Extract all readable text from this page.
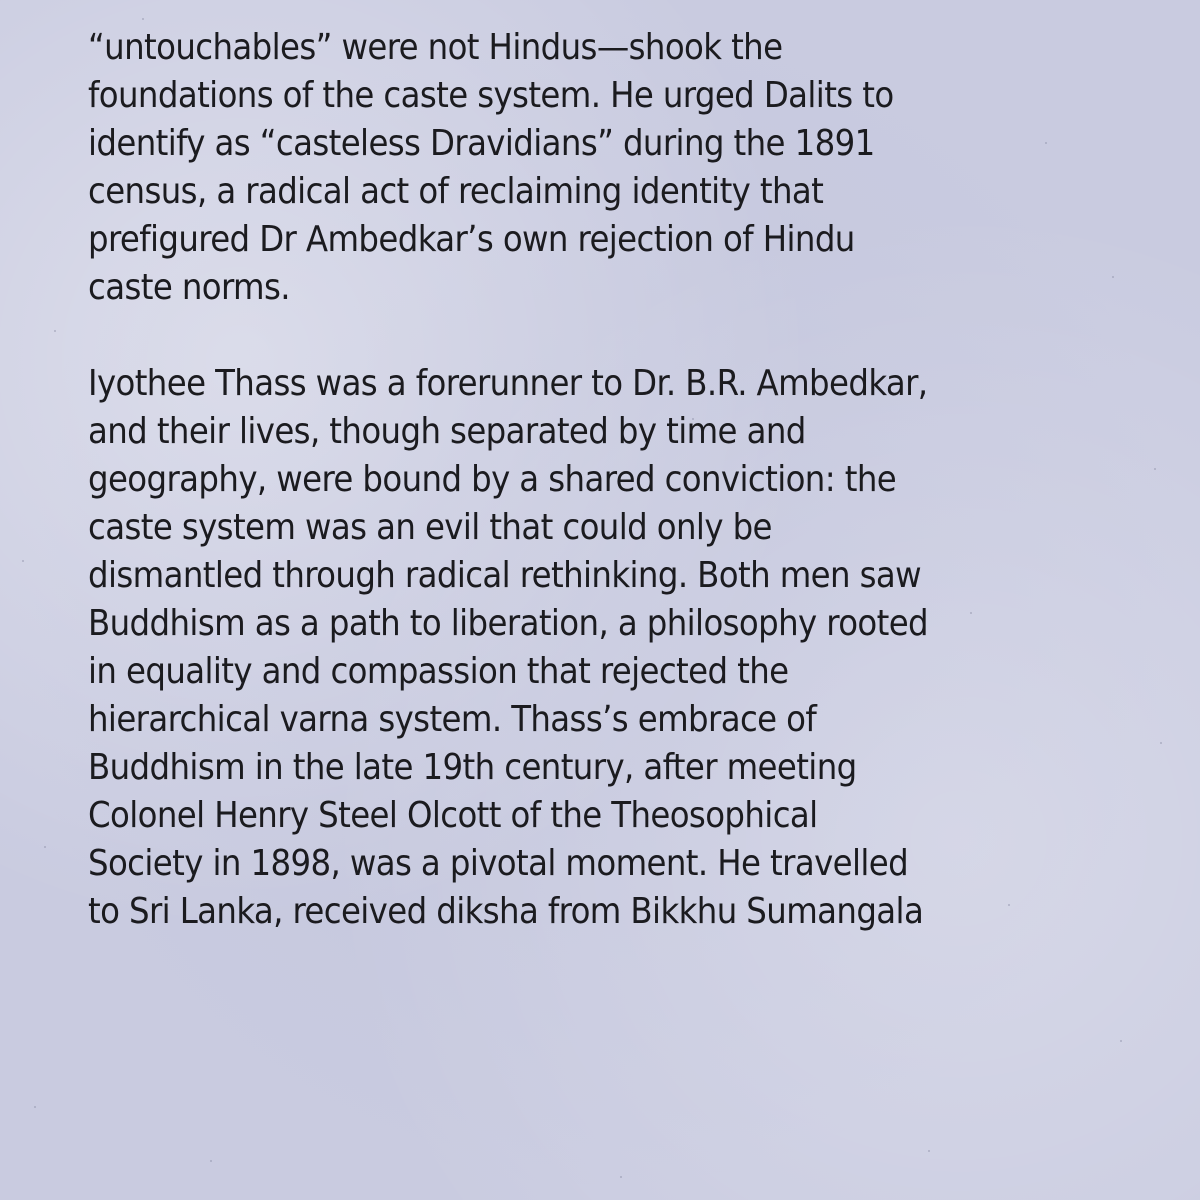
“untouchables” were not Hindus—shook the
foundations of the caste system. He urged Dalits to
identify as “casteless Dravidians” during the 1891
census, a radical act of reclaiming identity that
prefigured Dr Ambedkar’s own rejection of Hindu
caste norms.
Iyothee Thass was a forerunner to Dr. B.R. Ambedkar,
and their lives, though separated by time and
geography, were bound by a shared conviction: the
caste system was an evil that could only be
dismantled through radical rethinking. Both men saw
Buddhism as a path to liberation, a philosophy rooted
in equality and compassion that rejected the
hierarchical varna system. Thass’s embrace of
Buddhism in the late 19th century, after meeting
Colonel Henry Steel Olcott of the Theosophical
Society in 1898, was a pivotal moment. He travelled
to Sri Lanka, received diksha from Bikkhu Sumangala
